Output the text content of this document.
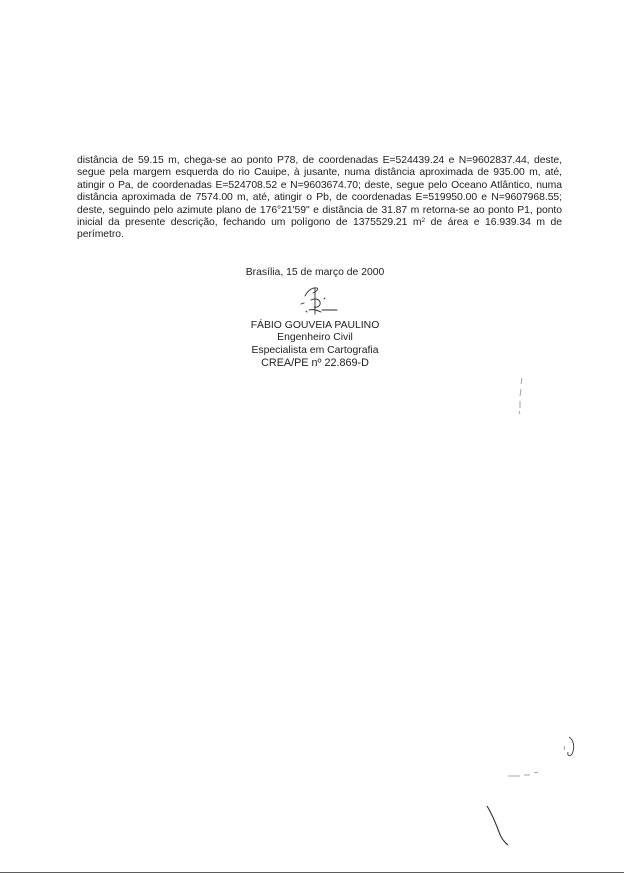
distância de 59.15 m, chega-se ao ponto P78, de coordenadas E=524439.24 e N=9602837.44, deste, segue pela margem esquerda do rio Cauipe, à jusante, numa distância aproximada de 935.00 m, até, atingir o Pa, de coordenadas E=524708.52 e N=9603674.70; deste, segue pelo Oceano Atlântico, numa distância aproximada de 7574.00 m, até, atingir o Pb, de coordenadas E=519950.00 e N=9607968.55; deste, seguindo pelo azimute plano de 176°21'59" e distância de 31.87 m retorna-se ao ponto P1, ponto inicial da presente descrição, fechando um polígono de 1375529.21 $m^2$ de área e 16.939.34 m de perímetro.

Brasília, 15 de março de 2000
FÁBIO GOUVEIA PAULINO
Engenheiro Civil
Especialista em Cartografia
CREA/PE nº 22.869-D
